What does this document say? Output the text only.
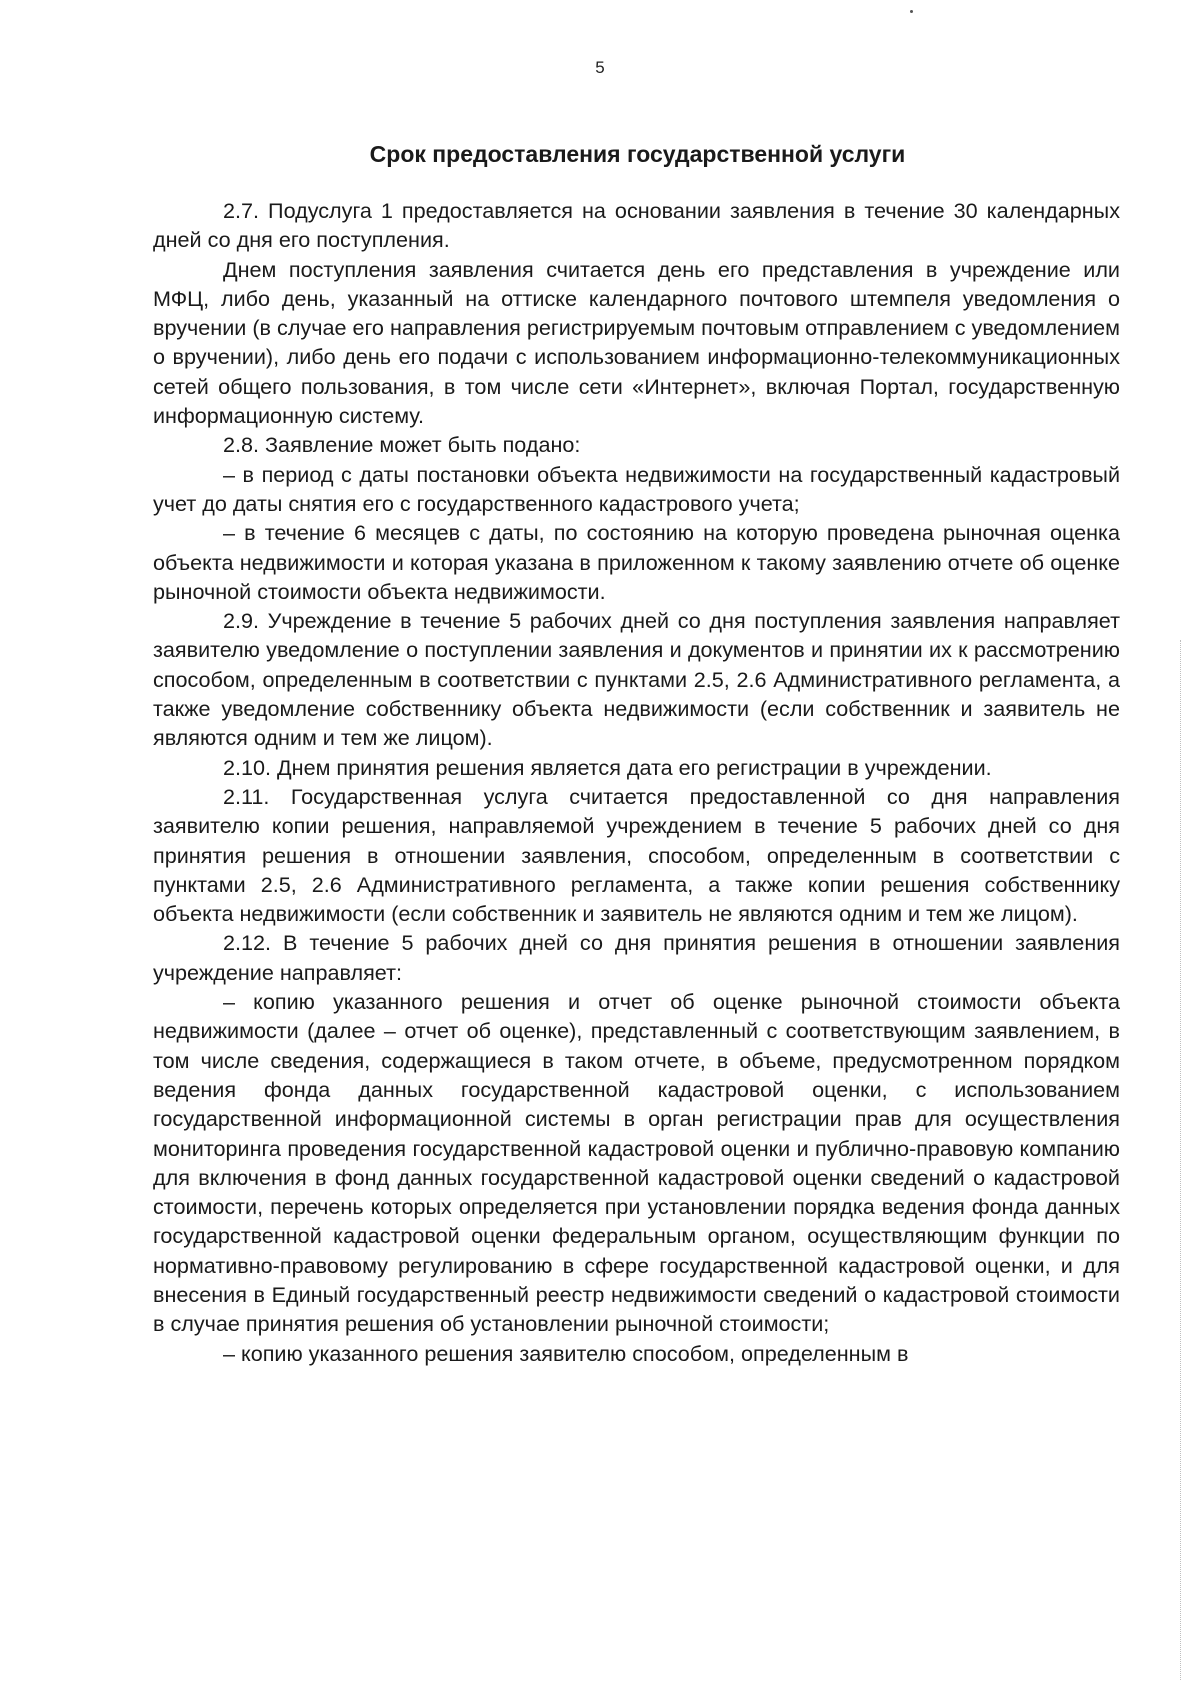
5
Срок предоставления государственной услуги

2.7. Подуслуга 1 предоставляется на основании заявления в течение 30 календарных дней со дня его поступления.

Днем поступления заявления считается день его представления в учреждение или МФЦ, либо день, указанный на оттиске календарного почтового штемпеля уведомления о вручении (в случае его направления регистрируемым почтовым отправлением с уведомлением о вручении), либо день его подачи с использованием информационно-телекоммуникационных сетей общего пользования, в том числе сети «Интернет», включая Портал, государственную информационную систему.

2.8. Заявление может быть подано:

– в период с даты постановки объекта недвижимости на государственный кадастровый учет до даты снятия его с государственного кадастрового учета;

– в течение 6 месяцев с даты, по состоянию на которую проведена рыночная оценка объекта недвижимости и которая указана в приложенном к такому заявлению отчете об оценке рыночной стоимости объекта недвижимости.

2.9. Учреждение в течение 5 рабочих дней со дня поступления заявления направляет заявителю уведомление о поступлении заявления и документов и принятии их к рассмотрению способом, определенным в соответствии с пунктами 2.5, 2.6 Административного регламента, а также уведомление собственнику объекта недвижимости (если собственник и заявитель не являются одним и тем же лицом).

2.10. Днем принятия решения является дата его регистрации в учреждении.

2.11. Государственная услуга считается предоставленной со дня направления заявителю копии решения, направляемой учреждением в течение 5 рабочих дней со дня принятия решения в отношении заявления, способом, определенным в соответствии с пунктами 2.5, 2.6 Административного регламента, а также копии решения собственнику объекта недвижимости (если собственник и заявитель не являются одним и тем же лицом).

2.12. В течение 5 рабочих дней со дня принятия решения в отношении заявления учреждение направляет:

– копию указанного решения и отчет об оценке рыночной стоимости объекта недвижимости (далее – отчет об оценке), представленный с соответствующим заявлением, в том числе сведения, содержащиеся в таком отчете, в объеме, предусмотренном порядком ведения фонда данных государственной кадастровой оценки, с использованием государственной информационной системы в орган регистрации прав для осуществления мониторинга проведения государственной кадастровой оценки и публично-правовую компанию для включения в фонд данных государственной кадастровой оценки сведений о кадастровой стоимости, перечень которых определяется при установлении порядка ведения фонда данных государственной кадастровой оценки федеральным органом, осуществляющим функции по нормативно-правовому регулированию в сфере государственной кадастровой оценки, и для внесения в Единый государственный реестр недвижимости сведений о кадастровой стоимости в случае принятия решения об установлении рыночной стоимости;

– копию указанного решения заявителю способом, определенным в
